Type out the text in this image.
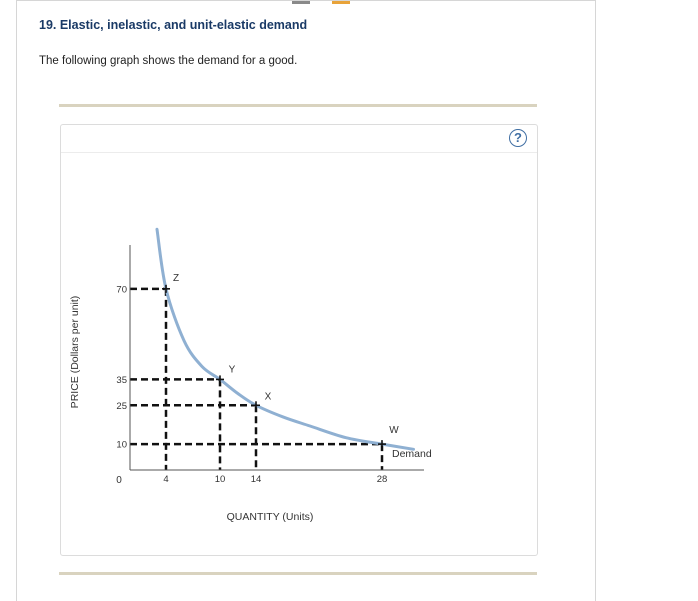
19. Elastic, inelastic, and unit-elastic demand

The following graph shows the demand for a good.

?
10
25
35
70
4	10	14	28
Z
Y
X
W
0
QUANTITY (Units)
PRICE (Dollars per unit)
Demand
